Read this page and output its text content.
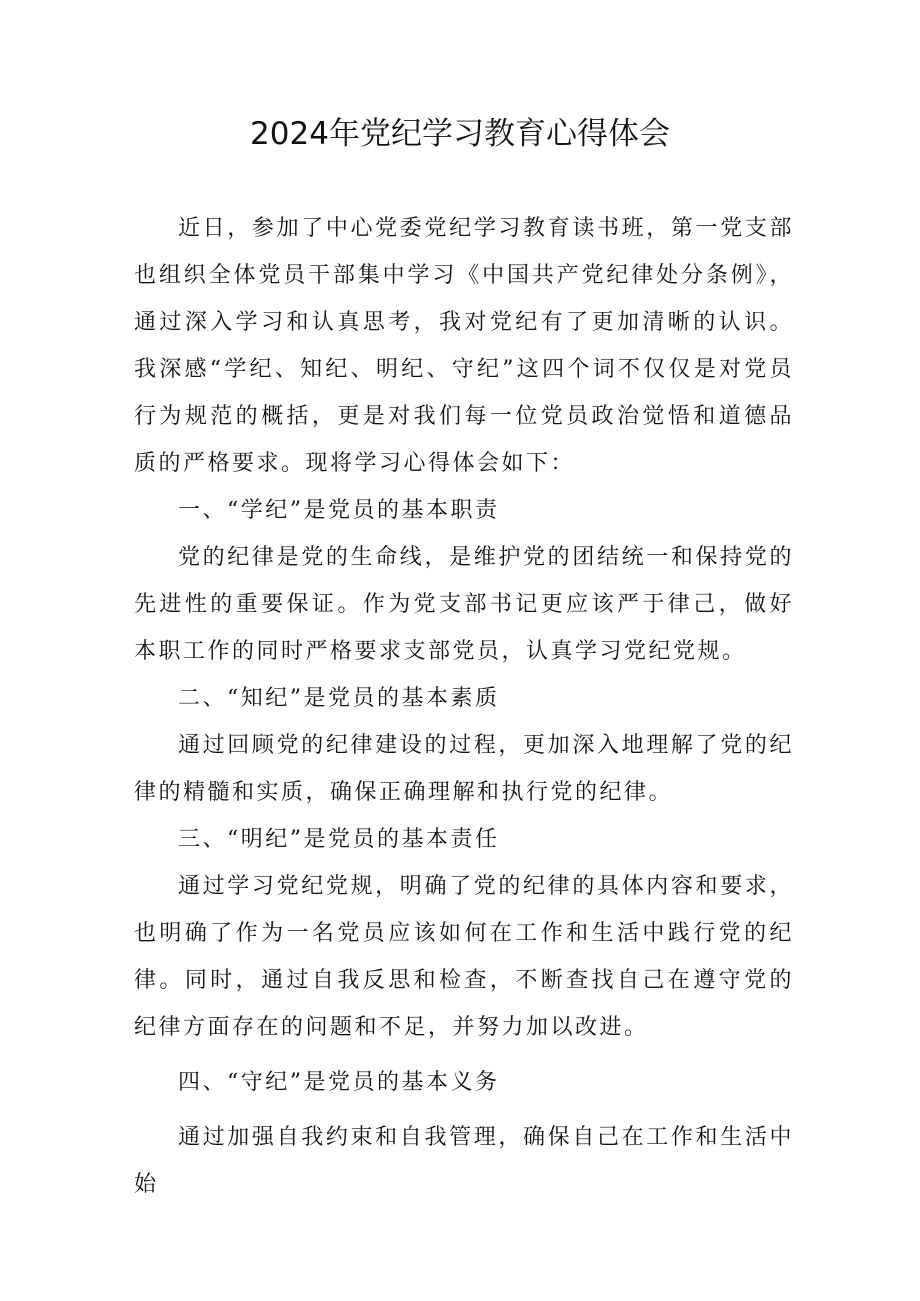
2024年党纪学习教育心得体会

近日，参加了中心党委党纪学习教育读书班，第一党支部也组织全体党员干部集中学习《中国共产党纪律处分条例》，通过深入学习和认真思考，我对党纪有了更加清晰的认识。我深感“学纪、知纪、明纪、守纪”这四个词不仅仅是对党员行为规范的概括，更是对我们每一位党员政治觉悟和道德品质的严格要求。现将学习心得体会如下：

一、“学纪”是党员的基本职责

党的纪律是党的生命线，是维护党的团结统一和保持党的先进性的重要保证。作为党支部书记更应该严于律己，做好本职工作的同时严格要求支部党员，认真学习党纪党规。

二、“知纪”是党员的基本素质

通过回顾党的纪律建设的过程，更加深入地理解了党的纪律的精髓和实质，确保正确理解和执行党的纪律。

三、“明纪”是党员的基本责任

通过学习党纪党规，明确了党的纪律的具体内容和要求，也明确了作为一名党员应该如何在工作和生活中践行党的纪律。同时，通过自我反思和检查，不断查找自己在遵守党的纪律方面存在的问题和不足，并努力加以改进。

四、“守纪”是党员的基本义务

通过加强自我约束和自我管理，确保自己在工作和生活中始
